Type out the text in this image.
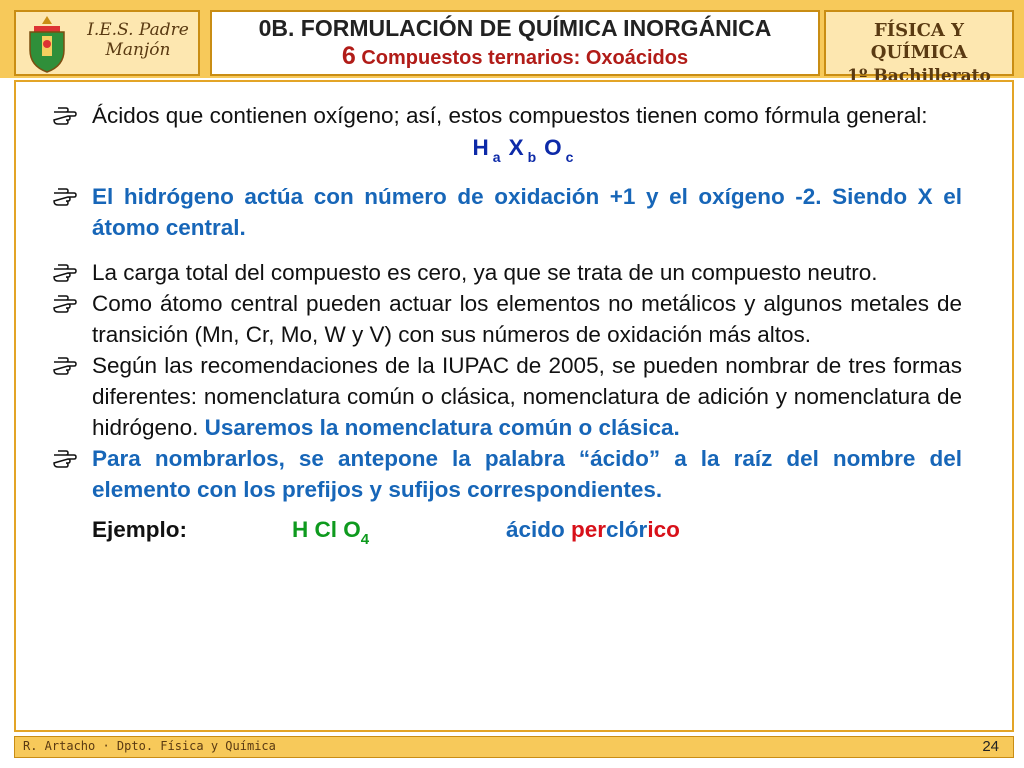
I.E.S. Padre
Manjón
0B. FORMULACIÓN DE QUÍMICA INORGÁNICA
6 Compuestos ternarios: Oxoácidos
FÍSICA Y QUÍMICA
1º Bachillerato
Ácidos que contienen oxígeno; así, estos compuestos tienen como fórmula general:
H $_a$ X $_b$ O $_c$
El hidrógeno actúa con número de oxidación +1 y el oxígeno -2. Siendo X el átomo central.
La carga total del compuesto es cero, ya que se trata de un compuesto neutro.
Como átomo central pueden actuar los elementos no metálicos y algunos metales de transición (Mn, Cr, Mo, W y V) con sus números de oxidación más altos.
Según las recomendaciones de la IUPAC de 2005, se pueden nombrar de tres formas diferentes: nomenclatura común o clásica, nomenclatura de adición y nomenclatura de hidrógeno. Usaremos la nomenclatura común o clásica.
Para nombrarlos, se antepone la palabra “ácido” a la raíz del nombre del elemento con los prefijos y sufijos correspondientes.
Ejemplo:	H Cl $O_4$	ácido perclórico
R. Artacho · Dpto. Física y Química	24
